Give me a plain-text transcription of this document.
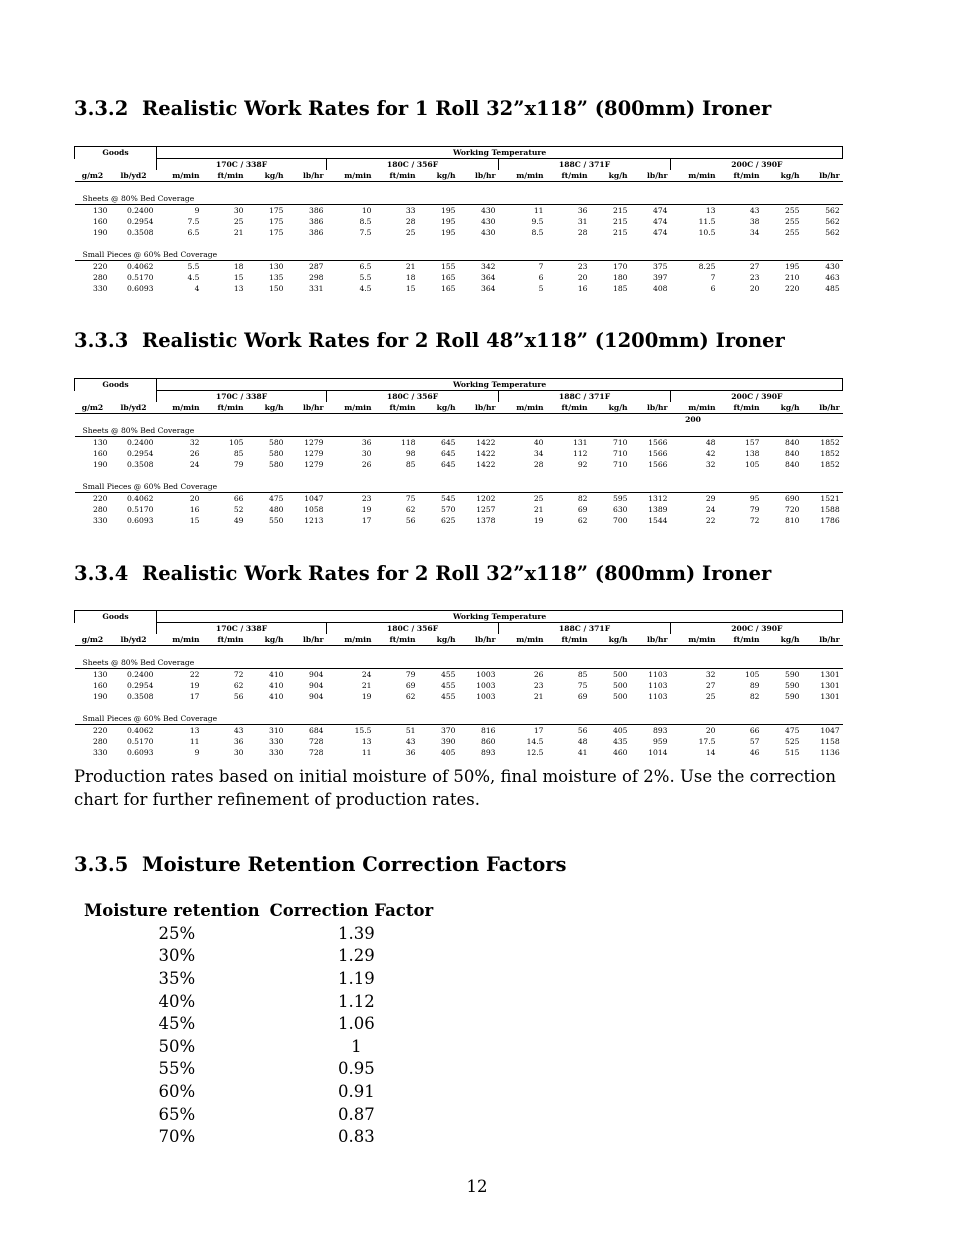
3.3.2 Realistic Work Rates for 1 Roll 32”x118” (800mm) Ironer
Goods		Working Temperature															
		170C / 338F				180C / 356F				188C / 371F				200C / 390F			
g/m2	lb/yd2	m/min	ft/min	kg/h	lb/hr	m/min	ft/min	kg/h	lb/hr	m/min	ft/min	kg/h	lb/hr	m/min	ft/min	kg/h	lb/hr

Sheets @ 80% Bed Coverage																	
130	0.2400	9	30	175	386	10	33	195	430	11	36	215	474	13	43	255	562
160	0.2954	7.5	25	175	386	8.5	28	195	430	9.5	31	215	474	11.5	38	255	562
190	0.3508	6.5	21	175	386	7.5	25	195	430	8.5	28	215	474	10.5	34	255	562

Small Pieces @ 60% Bed Coverage																	
220	0.4062	5.5	18	130	287	6.5	21	155	342	7	23	170	375	8.25	27	195	430
280	0.5170	4.5	15	135	298	5.5	18	165	364	6	20	180	397	7	23	210	463
330	0.6093	4	13	150	331	4.5	15	165	364	5	16	185	408	6	20	220	485
3.3.3 Realistic Work Rates for 2 Roll 48”x118” (1200mm) Ironer
Goods		Working Temperature															
		170C / 338F				180C / 356F				188C / 371F				200C / 390F			
g/m2	lb/yd2	m/min	ft/min	kg/h	lb/hr	m/min	ft/min	kg/h	lb/hr	m/min	ft/min	kg/h	lb/hr	m/min	ft/min	kg/h	lb/hr
														200			
Sheets @ 80% Bed Coverage																	
130	0.2400	32	105	580	1279	36	118	645	1422	40	131	710	1566	48	157	840	1852
160	0.2954	26	85	580	1279	30	98	645	1422	34	112	710	1566	42	138	840	1852
190	0.3508	24	79	580	1279	26	85	645	1422	28	92	710	1566	32	105	840	1852

Small Pieces @ 60% Bed Coverage																	
220	0.4062	20	66	475	1047	23	75	545	1202	25	82	595	1312	29	95	690	1521
280	0.5170	16	52	480	1058	19	62	570	1257	21	69	630	1389	24	79	720	1588
330	0.6093	15	49	550	1213	17	56	625	1378	19	62	700	1544	22	72	810	1786
3.3.4 Realistic Work Rates for 2 Roll 32”x118” (800mm) Ironer
Goods		Working Temperature															
		170C / 338F				180C / 356F				188C / 371F				200C / 390F			
g/m2	lb/yd2	m/min	ft/min	kg/h	lb/hr	m/min	ft/min	kg/h	lb/hr	m/min	ft/min	kg/h	lb/hr	m/min	ft/min	kg/h	lb/hr

Sheets @ 80% Bed Coverage																	
130	0.2400	22	72	410	904	24	79	455	1003	26	85	500	1103	32	105	590	1301
160	0.2954	19	62	410	904	21	69	455	1003	23	75	500	1103	27	89	590	1301
190	0.3508	17	56	410	904	19	62	455	1003	21	69	500	1103	25	82	590	1301

Small Pieces @ 60% Bed Coverage																	
220	0.4062	13	43	310	684	15.5	51	370	816	17	56	405	893	20	66	475	1047
280	0.5170	11	36	330	728	13	43	390	860	14.5	48	435	959	17.5	57	525	1158
330	0.6093	9	30	330	728	11	36	405	893	12.5	41	460	1014	14	46	515	1136

Production rates based on initial moisture of 50%, final moisture of 2%. Use the correction chart for further refinement of production rates.

3.3.5 Moisture Retention Correction Factors
Moisture retention	Correction Factor
25%	1.39
30%	1.29
35%	1.19
40%	1.12
45%	1.06
50%	1
55%	0.95
60%	0.91
65%	0.87
70%	0.83
12
